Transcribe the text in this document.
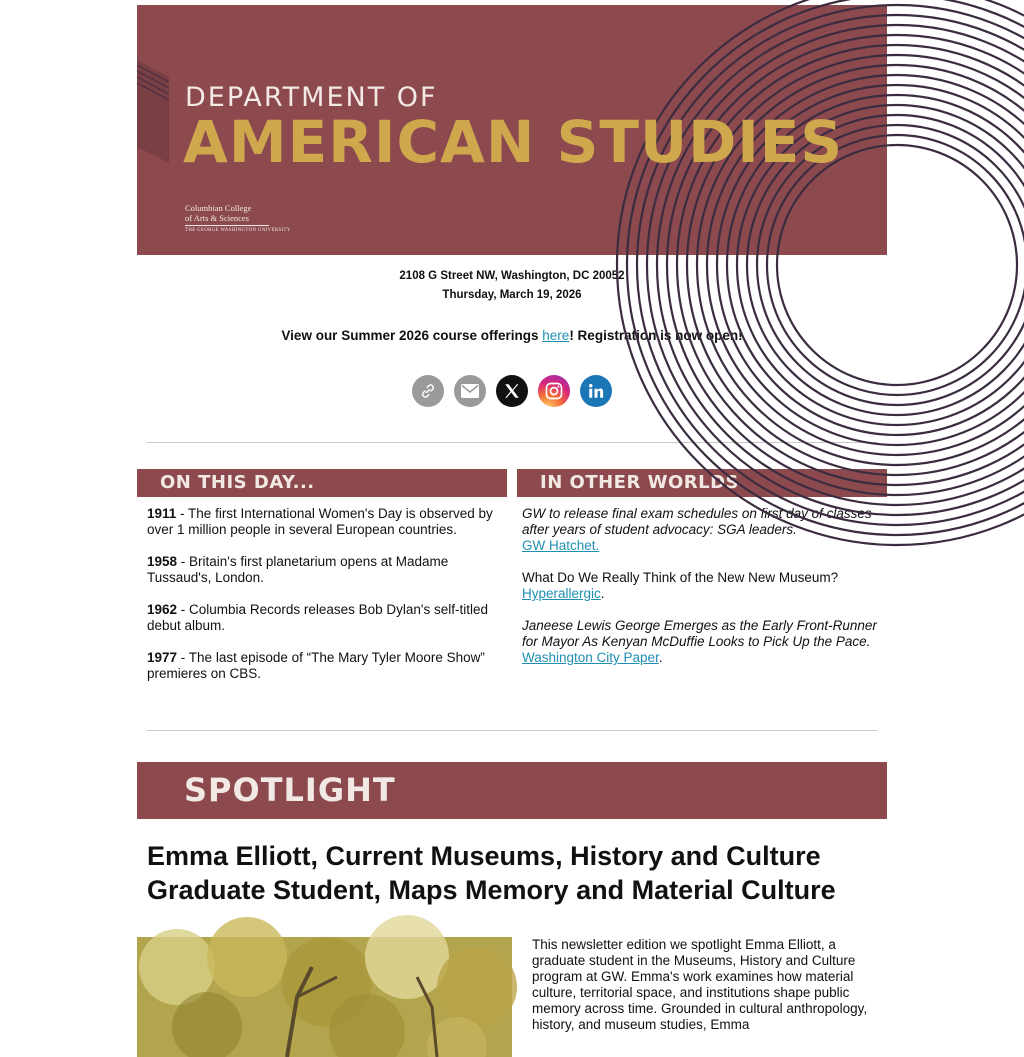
DEPARTMENT OF
AMERICAN STUDIES
Columbian College
of Arts & Sciences
THE GEORGE WASHINGTON UNIVERSITY
2108 G Street NW, Washington, DC 20052
Thursday, March 19, 2026
View our Summer 2026 course offerings here! Registration is now open!
ON THIS DAY...
1911 - The first International Women's Day is observed by over 1 million people in several European countries.
1958 - Britain's first planetarium opens at Madame Tussaud's, London.
1962 - Columbia Records releases Bob Dylan's self-titled debut album.
1977 - The last episode of “The Mary Tyler Moore Show” premieres on CBS.
IN OTHER WORLDS
GW to release final exam schedules on first day of classes after years of student advocacy: SGA leaders.
GW Hatchet.
What Do We Really Think of the New New Museum?
Hyperallergic.
Janeese Lewis George Emerges as the Early Front-Runner for Mayor As Kenyan McDuffie Looks to Pick Up the Pace. Washington City Paper.
SPOTLIGHT
Emma Elliott, Current Museums, History and Culture Graduate Student, Maps Memory and Material Culture
This newsletter edition we spotlight Emma Elliott, a graduate student in the Museums, History and Culture program at GW. Emma's work examines how material culture, territorial space, and institutions shape public memory across time. Grounded in cultural anthropology, history, and museum studies, Emma
